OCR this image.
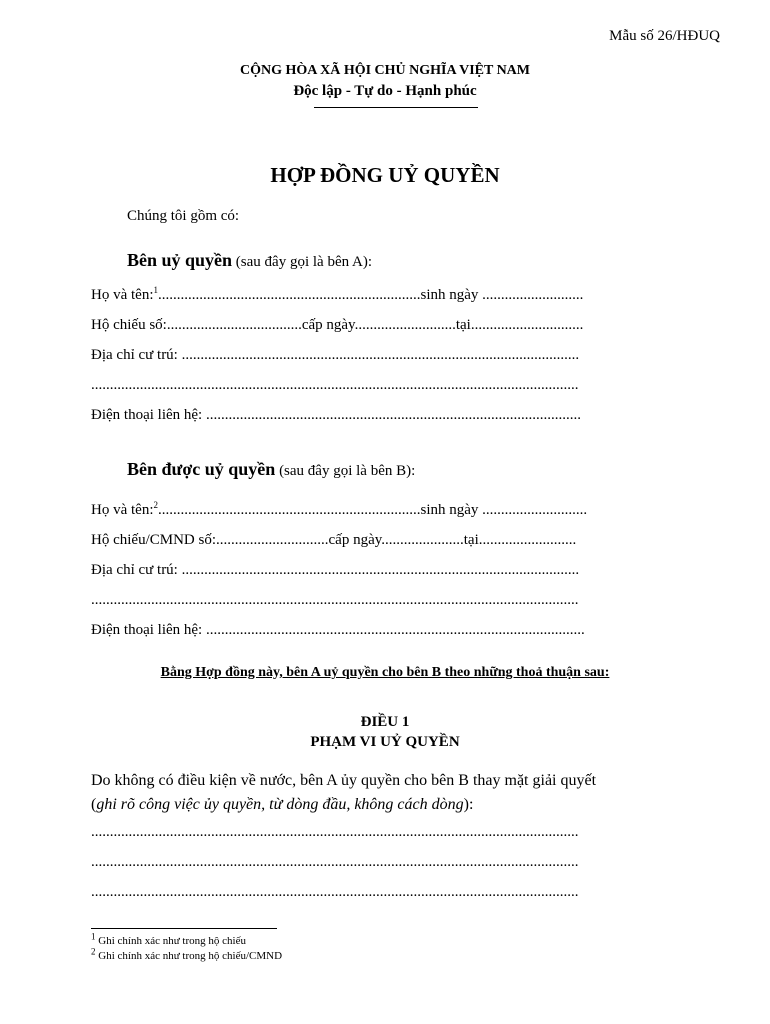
Mẫu số 26/HĐUQ
CỘNG HÒA XÃ HỘI CHỦ NGHĨA VIỆT NAM
Độc lập - Tự do - Hạnh phúc
HỢP ĐỒNG UỶ QUYỀN
Chúng tôi gồm có:
Bên uỷ quyền (sau đây gọi là bên A):
Họ và tên:$^1$......................................................................sinh ngày ...........................
Hộ chiếu số:....................................cấp ngày...........................tại..............................
Địa chỉ cư trú: ..........................................................................................................
..................................................................................................................................
Điện thoại liên hệ: ....................................................................................................
Bên được uỷ quyền (sau đây gọi là bên B):
Họ và tên:$^2$......................................................................sinh ngày ............................
Hộ chiếu/CMND số:..............................cấp ngày......................tại..........................
Địa chỉ cư trú: ..........................................................................................................
..................................................................................................................................
Điện thoại liên hệ: .....................................................................................................
Bằng Hợp đồng này, bên A uỷ quyền cho bên B theo những thoả thuận sau:
ĐIỀU 1
PHẠM VI UỶ QUYỀN
Do không có điều kiện về nước, bên A ủy quyền cho bên B thay mặt giải quyết
(ghi rõ công việc ủy quyền, từ dòng đầu, không cách dòng):
..................................................................................................................................
..................................................................................................................................
..................................................................................................................................
$^1$ Ghi chính xác như trong hộ chiếu
$^2$ Ghi chính xác như trong hộ chiếu/CMND
